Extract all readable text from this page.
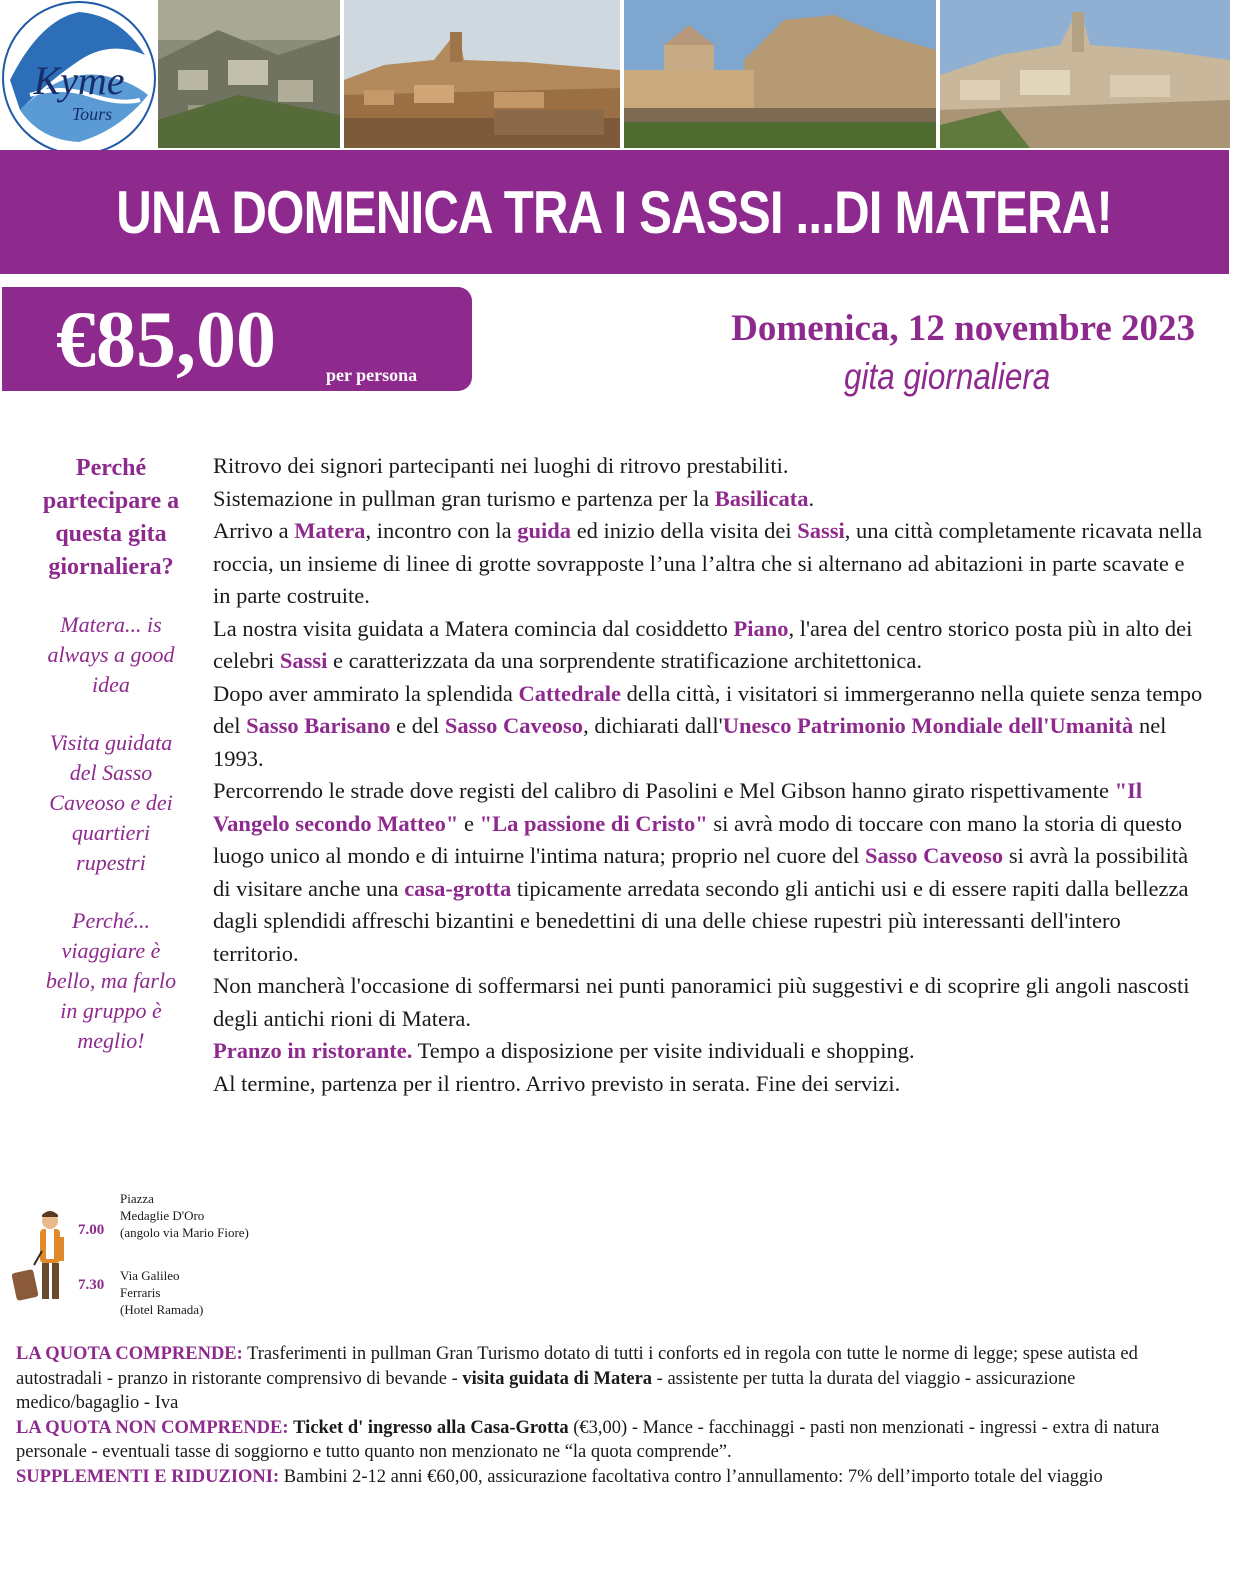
Kyme
Tours
UNA DOMENICA TRA I SASSI ...DI MATERA!
€85,00	per persona
Domenica, 12 novembre 2023
gita giornaliera

Perché
partecipare a
questa gita
giornaliera?

Matera... is
always a good
idea

Visita guidata
del Sasso
Caveoso e dei
quartieri
rupestri

Perché...
viaggiare è
bello, ma farlo
in gruppo è
meglio!

Ritrovo dei signori partecipanti nei luoghi di ritrovo prestabiliti.

Sistemazione in pullman gran turismo e partenza per la Basilicata.

Arrivo a Matera, incontro con la guida ed inizio della visita dei Sassi, una città completamente ricavata nella roccia, un insieme di linee di grotte sovrapposte l’una l’altra che si alternano ad abitazioni in parte scavate e in parte costruite.

La nostra visita guidata a Matera comincia dal cosiddetto Piano, l'area del centro storico posta più in alto dei celebri Sassi e caratterizzata da una sorprendente stratificazione architettonica.

Dopo aver ammirato la splendida Cattedrale della città, i visitatori si immergeranno nella quiete senza tempo del Sasso Barisano e del Sasso Caveoso, dichiarati dall'Unesco Patrimonio Mondiale dell'Umanità nel 1993.

Percorrendo le strade dove registi del calibro di Pasolini e Mel Gibson hanno girato rispettivamente "Il Vangelo secondo Matteo" e "La passione di Cristo" si avrà modo di toccare con mano la storia di questo luogo unico al mondo e di intuirne l'intima natura; proprio nel cuore del Sasso Caveoso si avrà la possibilità di visitare anche una casa-grotta tipicamente arredata secondo gli antichi usi e di essere rapiti dalla bellezza dagli splendidi affreschi bizantini e benedettini di una delle chiese rupestri più interessanti dell'intero territorio.

Non mancherà l'occasione di soffermarsi nei punti panoramici più suggestivi e di scoprire gli angoli nascosti degli antichi rioni di Matera.

Pranzo in ristorante. Tempo a disposizione per visite individuali e shopping.

Al termine, partenza per il rientro. Arrivo previsto in serata. Fine dei servizi.

7.00
Piazza
Medaglie D'Oro
(angolo via Mario Fiore)
7.30
Via Galileo
Ferraris
(Hotel Ramada)

LA QUOTA COMPRENDE: Trasferimenti in pullman Gran Turismo dotato di tutti i conforts ed in regola con tutte le norme di legge; spese autista ed autostradali - pranzo in ristorante comprensivo di bevande - visita guidata di Matera - assistente per tutta la durata del viaggio - assicurazione medico/bagaglio - Iva

LA QUOTA NON COMPRENDE: Ticket d' ingresso alla Casa-Grotta (€3,00) - Mance - facchinaggi - pasti non menzionati - ingressi - extra di natura personale - eventuali tasse di soggiorno e tutto quanto non menzionato ne “la quota comprende”.

SUPPLEMENTI E RIDUZIONI: Bambini 2-12 anni €60,00, assicurazione facoltativa contro l’annullamento: 7% dell’importo totale del viaggio
